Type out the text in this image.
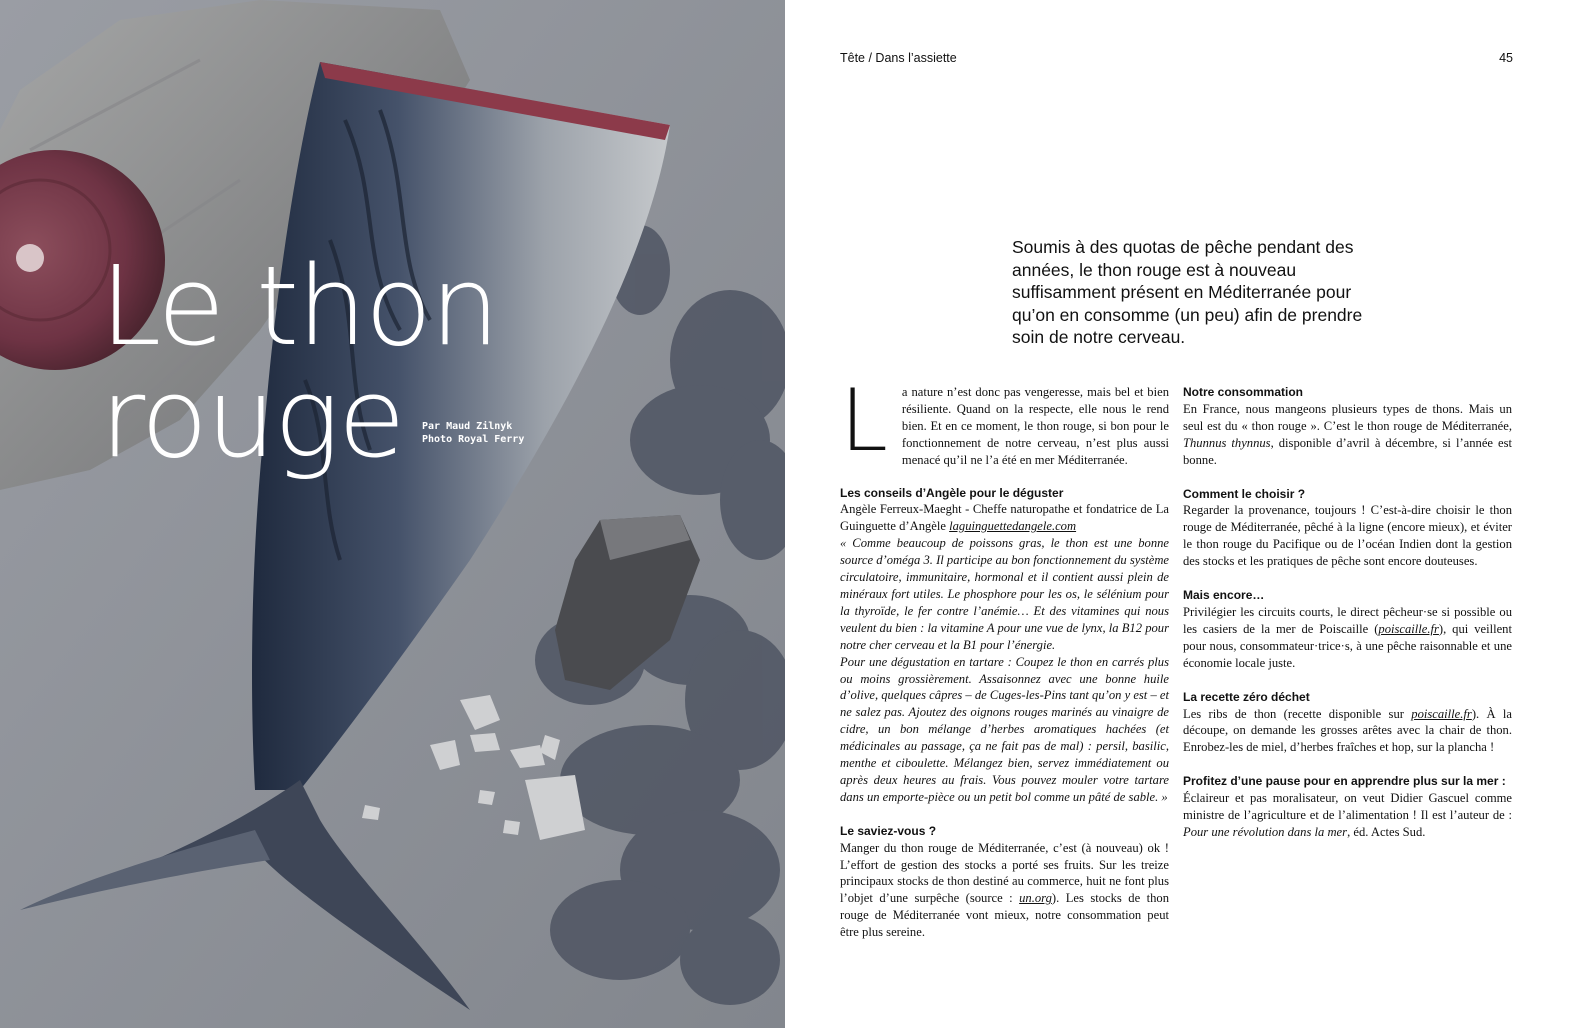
Le thon
rouge	Par Maud Zilnyk
Photo Royal Ferry
Tête / Dans l’assiette	45
Soumis à des quotas de pêche pendant des années, le thon rouge est à nouveau suffisamment présent en Méditerranée pour qu’on en consomme (un peu) afin de prendre soin de notre cerveau.

L a nature n’est donc pas vengeresse, mais bel et bien résiliente. Quand on la respecte, elle nous le rend bien. Et en ce moment, le thon rouge, si bon pour le fonctionnement de notre cerveau, n’est plus aussi menacé qu’il ne l’a été en mer Méditerranée.

Les conseils d’Angèle pour le déguster

Angèle Ferreux-Maeght - Cheffe naturopathe et fondatrice de La Guinguette d’Angèle laguinguettedangele.com

« Comme beaucoup de poissons gras, le thon est une bonne source d’oméga 3. Il participe au bon fonctionnement du système circulatoire, immunitaire, hormonal et il contient aussi plein de minéraux fort utiles. Le phosphore pour les os, le sélénium pour la thyroïde, le fer contre l’anémie… Et des vitamines qui nous veulent du bien : la vitamine A pour une vue de lynx, la B12 pour notre cher cerveau et la B1 pour l’énergie.

Pour une dégustation en tartare : Coupez le thon en carrés plus ou moins grossièrement. Assaisonnez avec une bonne huile d’olive, quelques câpres – de Cuges-les-Pins tant qu’on y est – et ne salez pas. Ajoutez des oignons rouges marinés au vinaigre de cidre, un bon mélange d’herbes aromatiques hachées (et médicinales au passage, ça ne fait pas de mal) : persil, basilic, menthe et ciboulette. Mélangez bien, servez immédiatement ou après deux heures au frais. Vous pouvez mouler votre tartare dans un emporte-pièce ou un petit bol comme un pâté de sable. »

Le saviez-vous ?

Manger du thon rouge de Méditerranée, c’est (à nouveau) ok ! L’effort de gestion des stocks a porté ses fruits. Sur les treize principaux stocks de thon destiné au commerce, huit ne font plus l’objet d’une surpêche (source : un.org). Les stocks de thon rouge de Méditerranée vont mieux, notre consommation peut être plus sereine.

Notre consommation

En France, nous mangeons plusieurs types de thons. Mais un seul est du « thon rouge ». C’est le thon rouge de Méditerranée, Thunnus thynnus, disponible d’avril à décembre, si l’année est bonne.

Comment le choisir ?

Regarder la provenance, toujours ! C’est-à-dire choisir le thon rouge de Méditerranée, pêché à la ligne (encore mieux), et éviter le thon rouge du Pacifique ou de l’océan Indien dont la gestion des stocks et les pratiques de pêche sont encore douteuses.

Mais encore…

Privilégier les circuits courts, le direct pêcheur·se si possible ou les casiers de la mer de Poiscaille (poiscaille.fr), qui veillent pour nous, consommateur·trice·s, à une pêche raisonnable et une économie locale juste.

La recette zéro déchet

Les ribs de thon (recette disponible sur poiscaille.fr). À la découpe, on demande les grosses arêtes avec la chair de thon. Enrobez-les de miel, d’herbes fraîches et hop, sur la plancha !

Profitez d’une pause pour en apprendre plus sur la mer :

Éclaireur et pas moralisateur, on veut Didier Gascuel comme ministre de l’agriculture et de l’alimentation ! Il est l’auteur de : Pour une révolution dans la mer, éd. Actes Sud.
